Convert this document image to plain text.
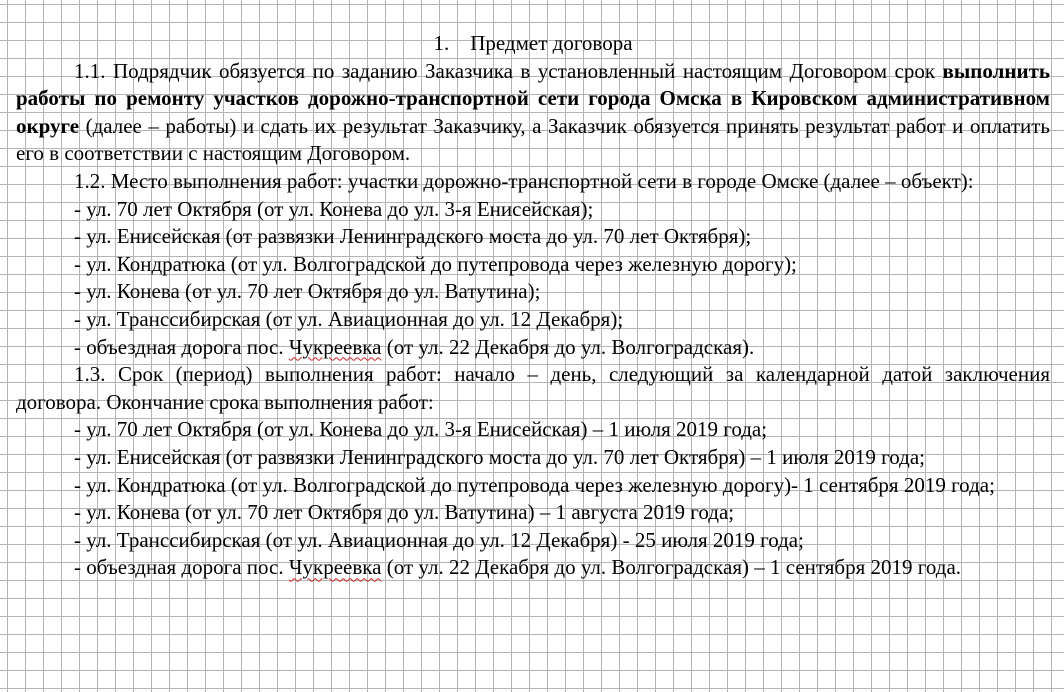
1. Предмет договора
1.1. Подрядчик обязуется по заданию Заказчика в установленный настоящим Договором срок выполнить работы по ремонту участков дорожно-транспортной сети города Омска в Кировском административном округе (далее – работы) и сдать их результат Заказчику, а Заказчик обязуется принять результат работ и оплатить его в соответствии с настоящим Договором.
1.2. Место выполнения работ: участки дорожно-транспортной сети в городе Омске (далее – объект):
- ул. 70 лет Октября (от ул. Конева до ул. 3-я Енисейская);
- ул. Енисейская (от развязки Ленинградского моста до ул. 70 лет Октября);
- ул. Кондратюка (от ул. Волгоградской до путепровода через железную дорогу);
- ул. Конева (от ул. 70 лет Октября до ул. Ватутина);
- ул. Транссибирская (от ул. Авиационная до ул. 12 Декабря);
- объездная дорога пос. Чукреевка (от ул. 22 Декабря до ул. Волгоградская).
1.3. Срок (период) выполнения работ: начало – день, следующий за календарной датой заключения договора. Окончание срока выполнения работ:
- ул. 70 лет Октября (от ул. Конева до ул. 3-я Енисейская) – 1 июля 2019 года;
- ул. Енисейская (от развязки Ленинградского моста до ул. 70 лет Октября) – 1 июля 2019 года;
- ул. Кондратюка (от ул. Волгоградской до путепровода через железную дорогу)- 1 сентября 2019 года;
- ул. Конева (от ул. 70 лет Октября до ул. Ватутина) – 1 августа 2019 года;
- ул. Транссибирская (от ул. Авиационная до ул. 12 Декабря) - 25 июля 2019 года;
- объездная дорога пос. Чукреевка (от ул. 22 Декабря до ул. Волгоградская) – 1 сентября 2019 года.
